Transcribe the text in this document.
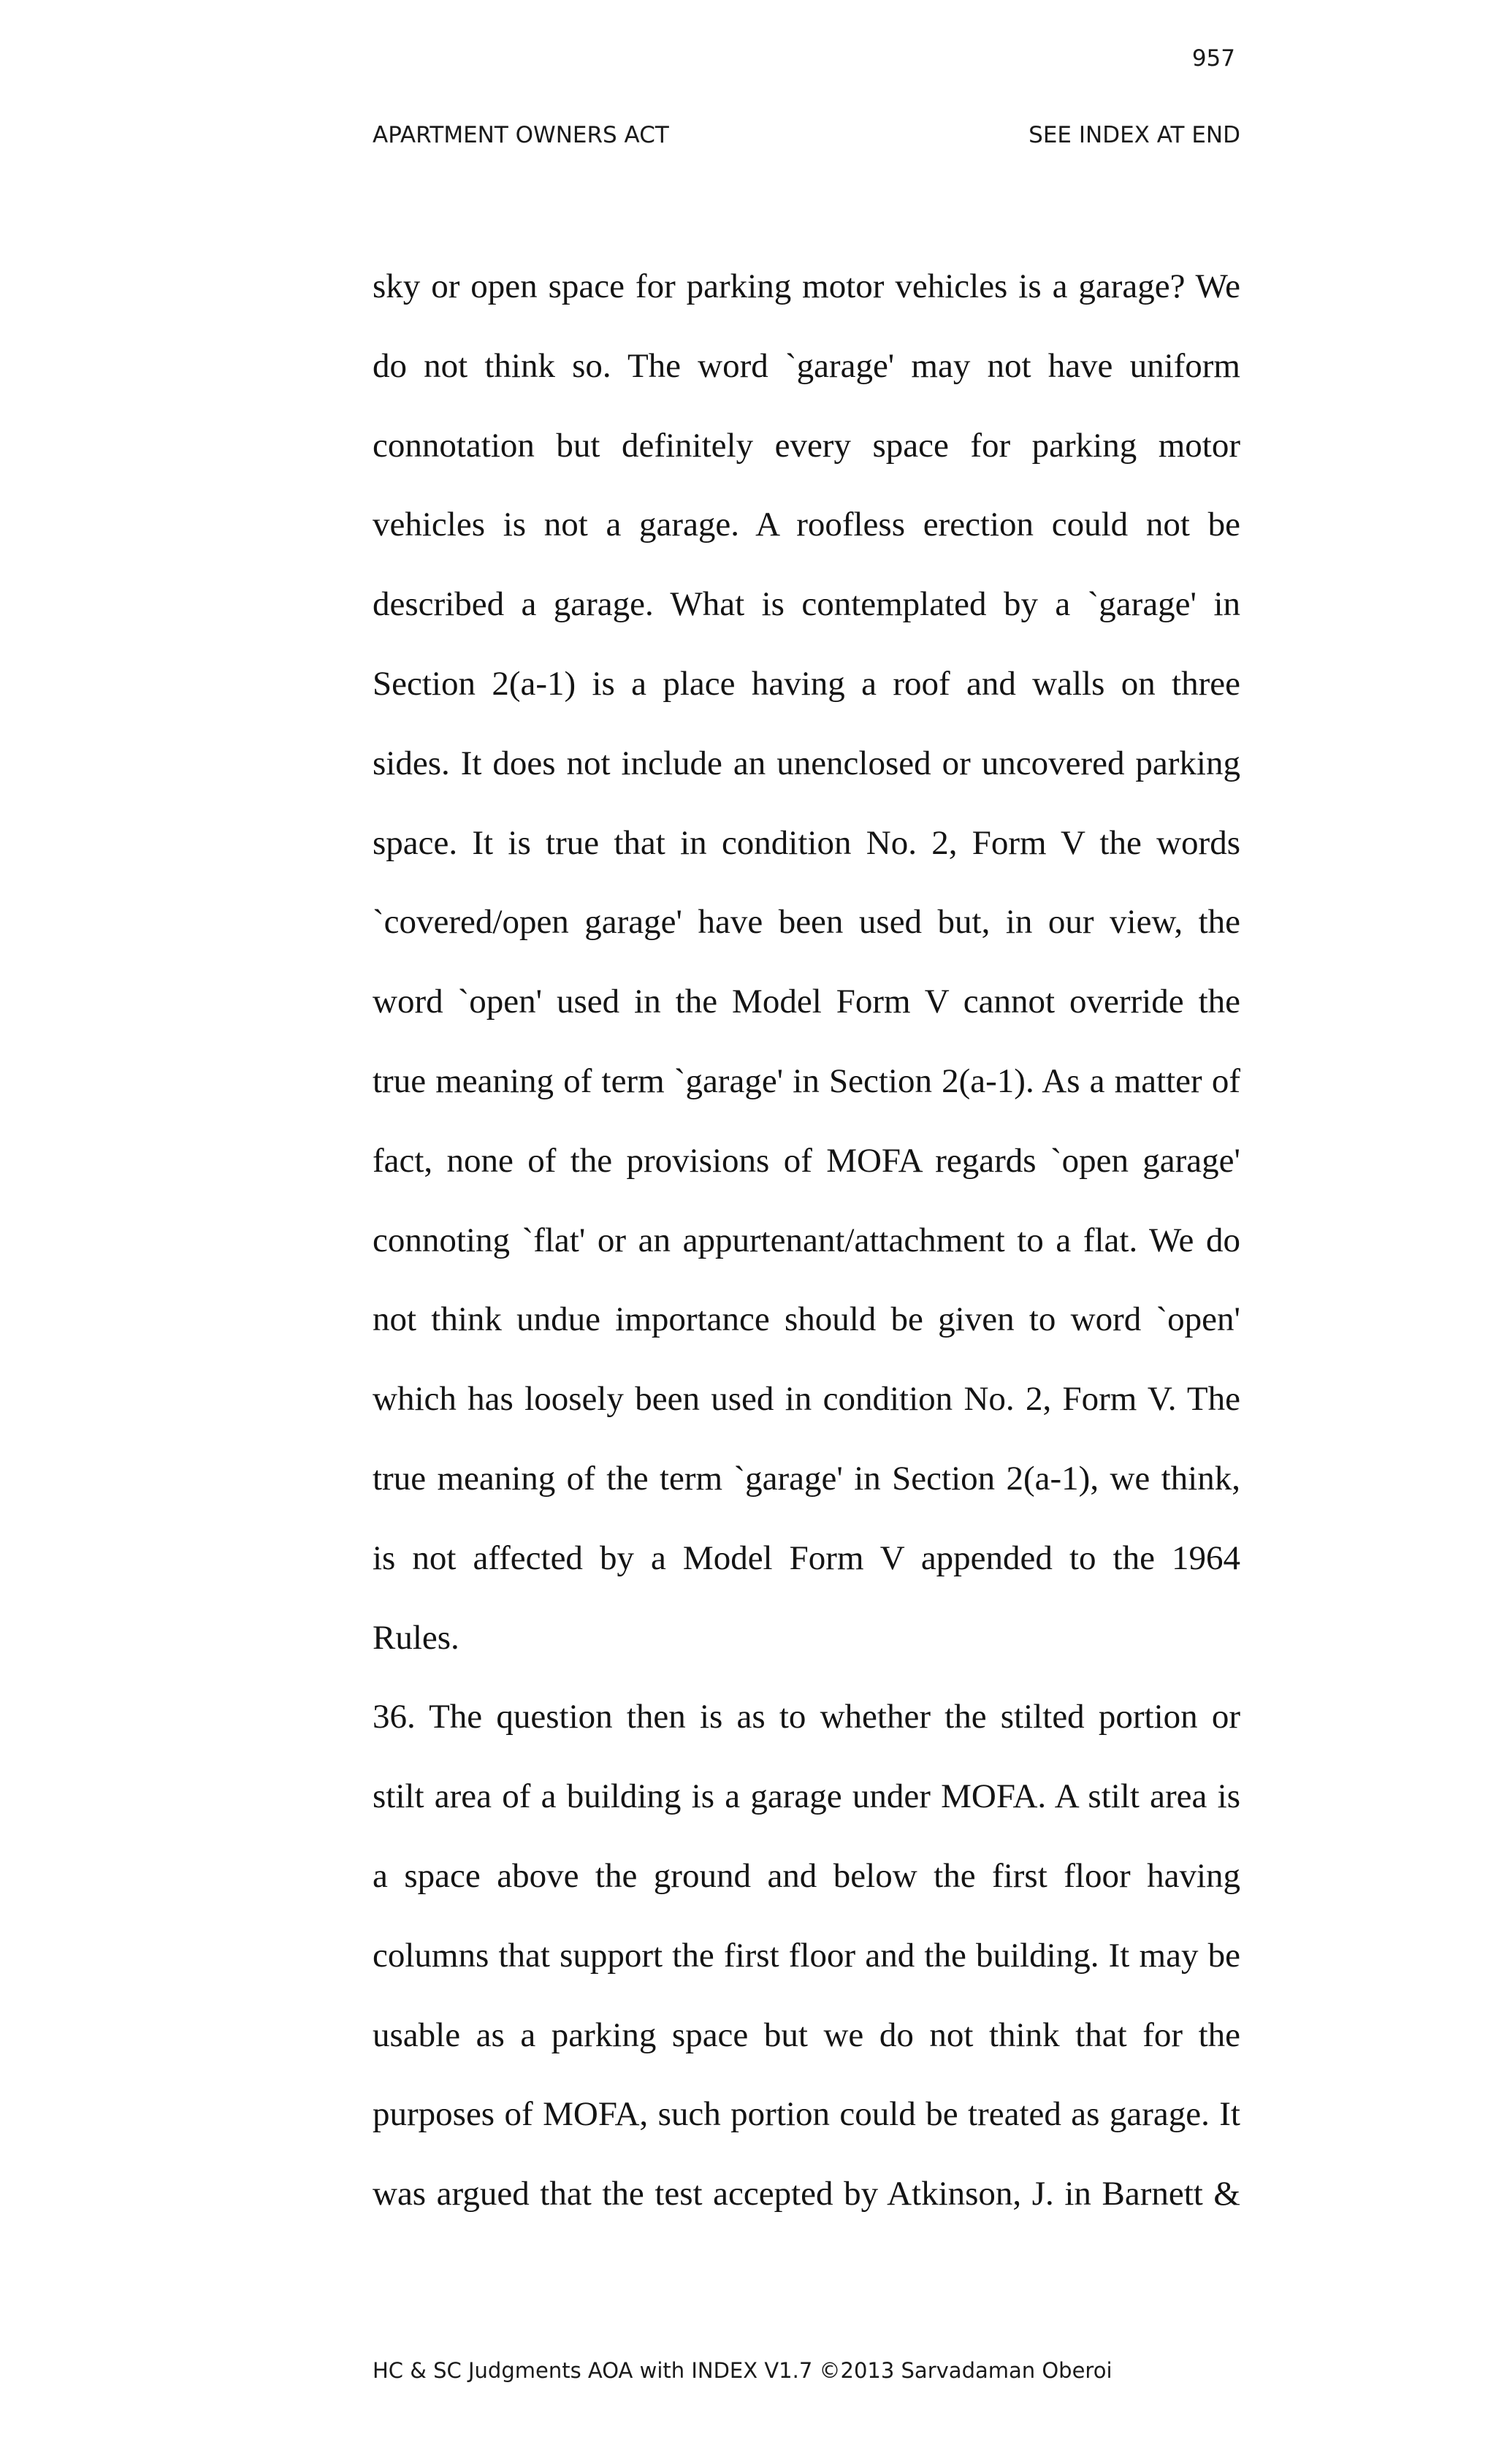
957
APARTMENT OWNERS ACT	SEE INDEX AT END
sky or open space for parking motor vehicles is a garage? We
do not think so. The word `garage' may not have uniform
connotation but definitely every space for parking motor
vehicles is not a garage. A roofless erection could not be
described a garage. What is contemplated by a `garage' in
Section 2(a-1) is a place having a roof and walls on three
sides. It does not include an unenclosed or uncovered parking
space. It is true that in condition No. 2, Form V the words
`covered/open garage' have been used but, in our view, the
word `open' used in the Model Form V cannot override the
true meaning of term `garage' in Section 2(a-1). As a matter of
fact, none of the provisions of MOFA regards `open garage'
connoting `flat' or an appurtenant/attachment to a flat. We do
not think undue importance should be given to word `open'
which has loosely been used in condition No. 2, Form V. The
true meaning of the term `garage' in Section 2(a-1), we think,
is not affected by a Model Form V appended to the 1964
Rules.
36. The question then is as to whether the stilted portion or
stilt area of a building is a garage under MOFA. A stilt area is
a space above the ground and below the first floor having
columns that support the first floor and the building. It may be
usable as a parking space but we do not think that for the
purposes of MOFA, such portion could be treated as garage. It
was argued that the test accepted by Atkinson, J. in Barnett &
HC & SC Judgments AOA with INDEX V1.7 ©2013 Sarvadaman Oberoi
